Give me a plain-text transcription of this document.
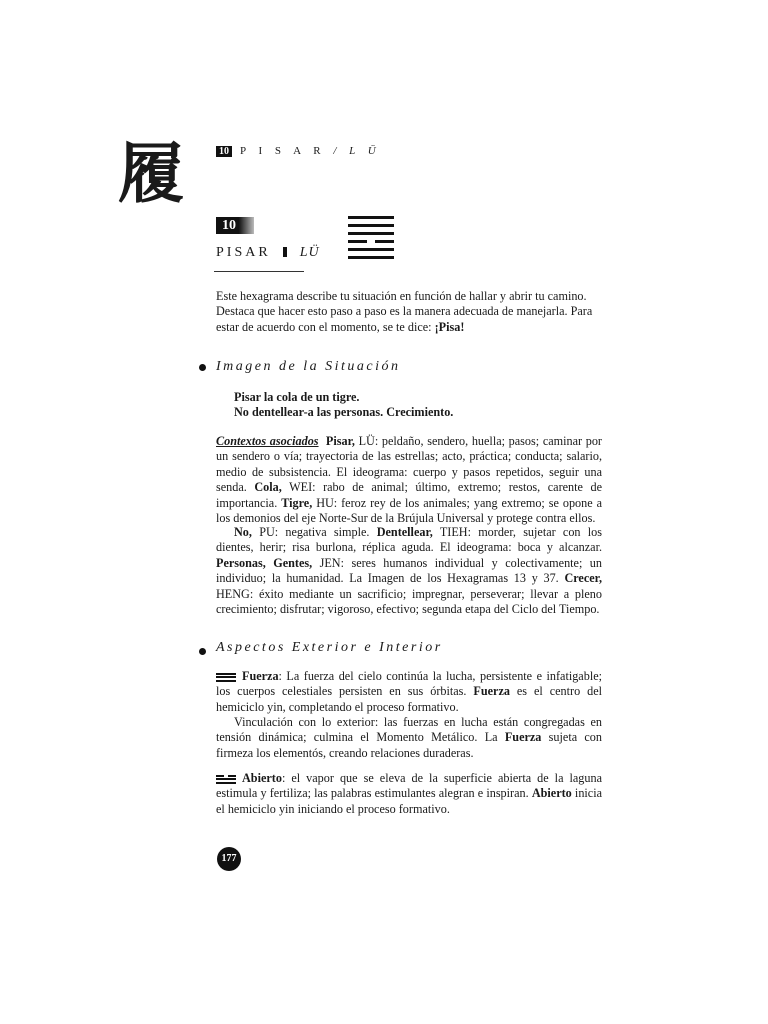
履	10 P I S A R / L Ü
10
PISAR LÜ
Este hexagrama describe tu situación en función de hallar y abrir tu camino. Destaca que hacer esto paso a paso es la manera adecuada de manejarla. Para estar de acuerdo con el momento, se te dice: ¡Pisa!
Imagen de la Situación
Pisar la cola de un tigre.
No dentellear-a las personas. Crecimiento.
Contextos asociados Pisar, LÜ: peldaño, sendero, huella; pasos; caminar por un sendero o vía; trayectoria de las estrellas; acto, práctica; conducta; salario, medio de subsistencia. El ideograma: cuerpo y pasos repetidos, seguir una senda. Cola, WEI: rabo de animal; último, extremo; restos, carente de importancia. Tigre, HU: feroz rey de los animales; yang extremo; se opone a los demonios del eje Norte-Sur de la Brújula Universal y protege contra ellos.
No, PU: negativa simple. Dentellear, TIEH: morder, sujetar con los dientes, herir; risa burlona, réplica aguda. El ideograma: boca y alcanzar. Personas, Gentes, JEN: seres humanos individual y colectivamente; un individuo; la humanidad. La Imagen de los Hexagramas 13 y 37. Crecer, HENG: éxito mediante un sacrificio; impregnar, perseverar; llevar a pleno crecimiento; disfrutar; vigoroso, efectivo; segunda etapa del Ciclo del Tiempo.
Aspectos Exterior e Interior
Fuerza: La fuerza del cielo continúa la lucha, persistente e infatigable; los cuerpos celestiales persisten en sus órbitas. Fuerza es el centro del hemiciclo yin, completando el proceso formativo.
Vinculación con lo exterior: las fuerzas en lucha están congregadas en tensión dinámica; culmina el Momento Metálico. La Fuerza sujeta con firmeza los elementós, creando relaciones duraderas.
Abierto: el vapor que se eleva de la superficie abierta de la laguna estimula y fertiliza; las palabras estimulantes alegran e inspiran. Abierto inicia el hemiciclo yin iniciando el proceso formativo.
177
